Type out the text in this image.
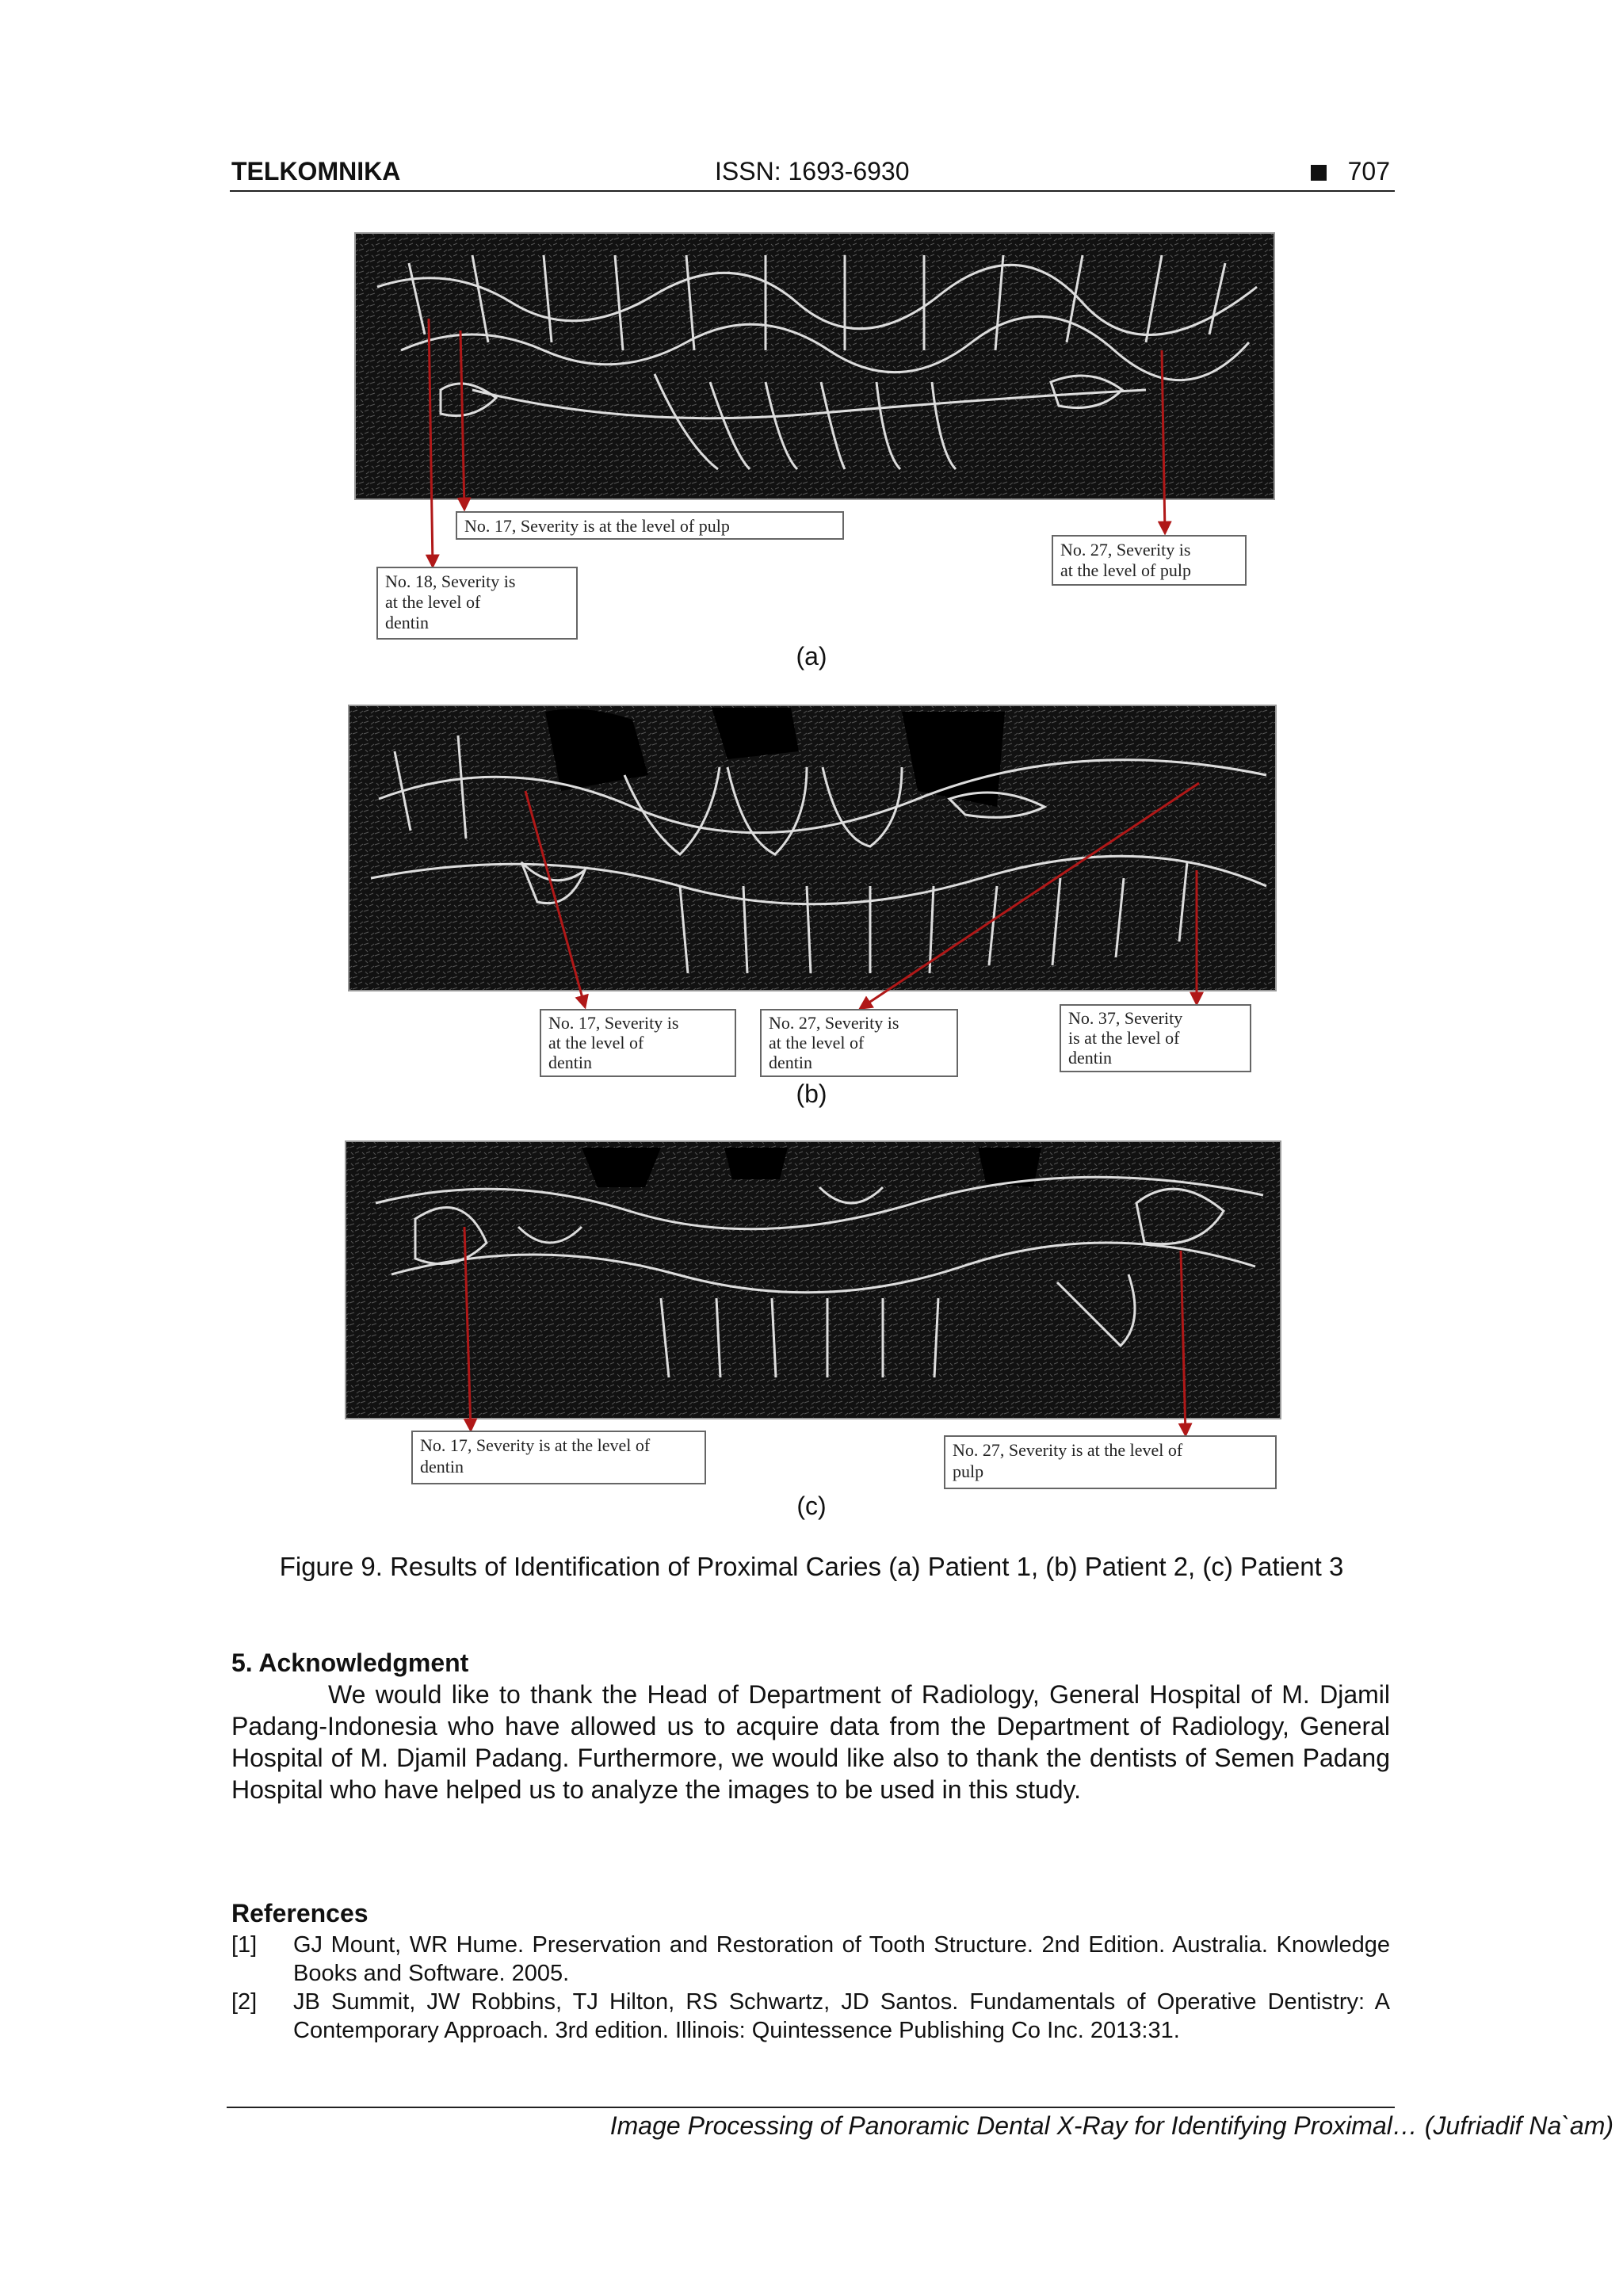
TELKOMNIKA	ISSN: 1693-6930	707
No. 17, Severity is at the level of pulp
No. 18, Severity is
at the level of
dentin
No. 27, Severity is
at the level of pulp
(a)
No. 17, Severity is
at the level of
dentin
No. 27, Severity is
at the level of
dentin
No. 37, Severity
is at the level of
dentin
(b)
No. 17, Severity is at the level of
dentin
No. 27, Severity is at the level of
pulp
(c)
Figure 9. Results of Identification of Proximal Caries (a) Patient 1, (b) Patient 2, (c) Patient 3
5. Acknowledgment
We would like to thank the Head of Department of Radiology, General Hospital of M. Djamil Padang-Indonesia who have allowed us to acquire data from the Department of Radiology, General Hospital of M. Djamil Padang. Furthermore, we would like also to thank the dentists of Semen Padang Hospital who have helped us to analyze the images to be used in this study.
References
[1] GJ Mount, WR Hume. Preservation and Restoration of Tooth Structure. 2nd Edition. Australia. Knowledge Books and Software. 2005.
[2] JB Summit, JW Robbins, TJ Hilton, RS Schwartz, JD Santos. Fundamentals of Operative Dentistry: A Contemporary Approach. 3rd edition. Illinois: Quintessence Publishing Co Inc. 2013:31.
Image Processing of Panoramic Dental X-Ray for Identifying Proximal… (Jufriadif Na`am)
